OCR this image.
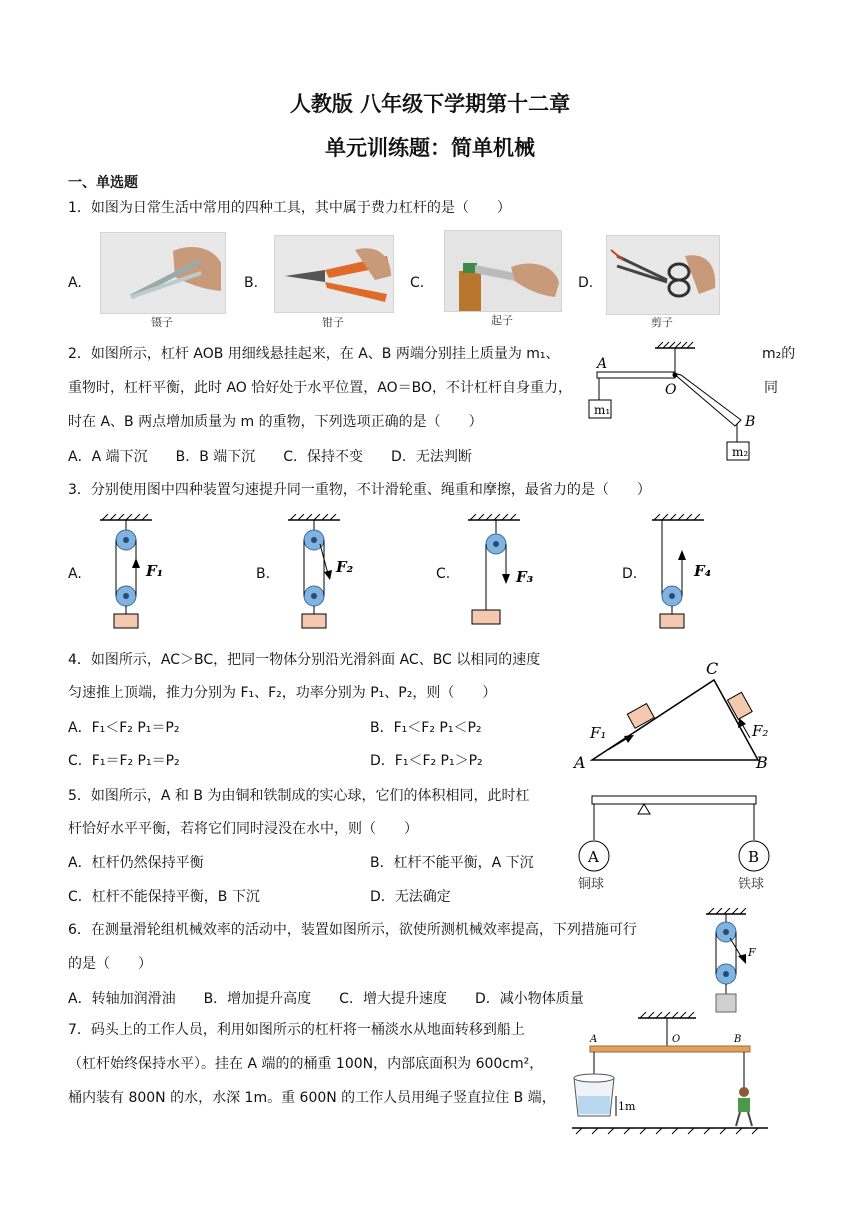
人教版 八年级下学期第十二章
单元训练题：简单机械
一、单选题
1．如图为日常生活中常用的四种工具，其中属于费力杠杆的是（　　）
A.
镊子
B.
钳子
C.
起子
D.
剪子
2．如图所示，杠杆 AOB 用细线悬挂起来，在 A、B 两端分别挂上质量为 m₁、	m₂的
重物时，杠杆平衡，此时 AO 恰好处于水平位置，AO＝BO，不计杠杆自身重力，	同
时在 A、B 两点增加质量为 m 的重物，下列选项正确的是（　　）
A．A 端下沉　　B．B 端下沉　　C．保持不变　　D．无法判断
A
O
B
m₁
m₂
3．分别使用图中四种装置匀速提升同一重物，不计滑轮重、绳重和摩擦，最省力的是（　　）
A.	F₁	B.	F₂	C.	F₃	D.	F₄
4．如图所示，AC＞BC，把同一物体分别沿光滑斜面 AC、BC 以相同的速度
匀速推上顶端，推力分别为 F₁、F₂，功率分别为 P₁、P₂，则（　　）
A．F₁＜F₂ P₁＝P₂	B．F₁＜F₂ P₁＜P₂
C．F₁＝F₂ P₁＝P₂	D．F₁＜F₂ P₁＞P₂	A	B
C
F₁	F₂
5．如图所示，A 和 B 为由铜和铁制成的实心球，它们的体积相同，此时杠
杆恰好水平平衡，若将它们同时浸没在水中，则（　　）
A．杠杆仍然保持平衡	B．杠杆不能平衡，A 下沉
C．杠杆不能保持平衡，B 下沉	D．无法确定
A	B
铜球	铁球
6．在测量滑轮组机械效率的活动中，装置如图所示，欲使所测机械效率提高，下列措施可行
的是（　　）
A．转轴加润滑油　　B．增加提升高度　　C．增大提升速度　　D．减小物体质量
F
7．码头上的工作人员，利用如图所示的杠杆将一桶淡水从地面转移到船上
（杠杆始终保持水平）。挂在 A 端的的桶重 100N，内部底面积为 600cm²，
桶内装有 800N 的水，水深 1m。重 600N 的工作人员用绳子竖直拉住 B 端，
A	O	B
1m
